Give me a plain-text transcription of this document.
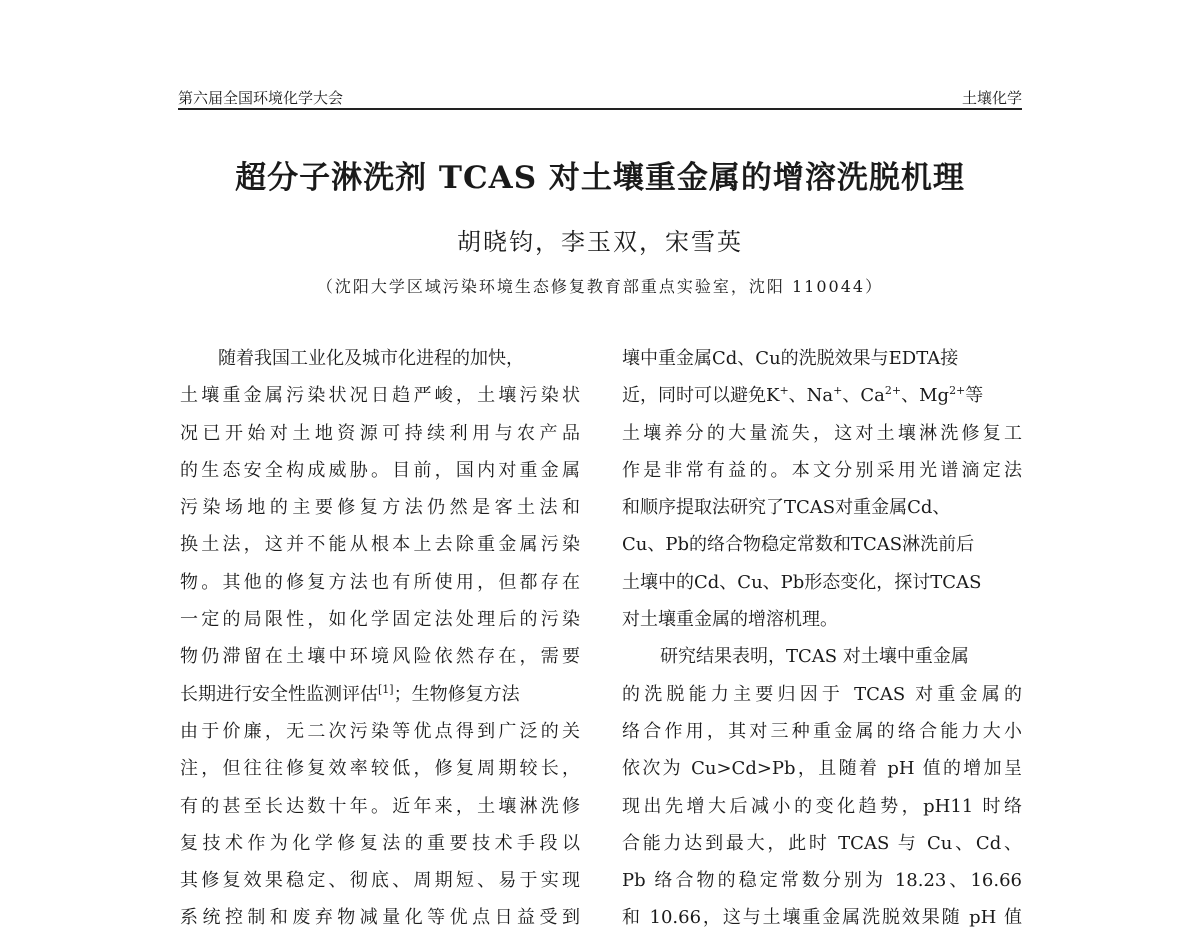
第六届全国环境化学大会	土壤化学
超分子淋洗剂 TCAS 对土壤重金属的增溶洗脱机理
胡晓钧，李玉双，宋雪英
（沈阳大学区域污染环境生态修复教育部重点实验室，沈阳 110044）
随着我国工业化及城市化进程的加快，
土壤重金属污染状况日趋严峻，土壤污染状
况已开始对土地资源可持续利用与农产品
的生态安全构成威胁。目前，国内对重金属
污染场地的主要修复方法仍然是客土法和
换土法，这并不能从根本上去除重金属污染
物。其他的修复方法也有所使用，但都存在
一定的局限性，如化学固定法处理后的污染
物仍滞留在土壤中环境风险依然存在，需要
长期进行安全性监测评估[1]；生物修复方法
由于价廉，无二次污染等优点得到广泛的关
注，但往往修复效率较低，修复周期较长，
有的甚至长达数十年。近年来，土壤淋洗修
复技术作为化学修复法的重要技术手段以
其修复效果稳定、彻底、周期短、易于实现
系统控制和废弃物减量化等优点日益受到
壤中重金属Cd、Cu的洗脱效果与EDTA接
近，同时可以避免K+、Na+、$Ca^{2+}$、$Mg^{2+}$等
土壤养分的大量流失，这对土壤淋洗修复工
作是非常有益的。本文分别采用光谱滴定法
和顺序提取法研究了TCAS对重金属Cd、
Cu、Pb的络合物稳定常数和TCAS淋洗前后
土壤中的Cd、Cu、Pb形态变化，探讨TCAS
对土壤重金属的增溶机理。
研究结果表明，TCAS 对土壤中重金属
的洗脱能力主要归因于 TCAS 对重金属的
络合作用，其对三种重金属的络合能力大小
依次为 Cu>Cd>Pb，且随着 pH 值的增加呈
现出先增大后减小的变化趋势，pH11 时络
合能力达到最大，此时 TCAS 与 Cu、Cd、
Pb 络合物的稳定常数分别为 18.23、16.66
和 10.66，这与土壤重金属洗脱效果随 pH 值
